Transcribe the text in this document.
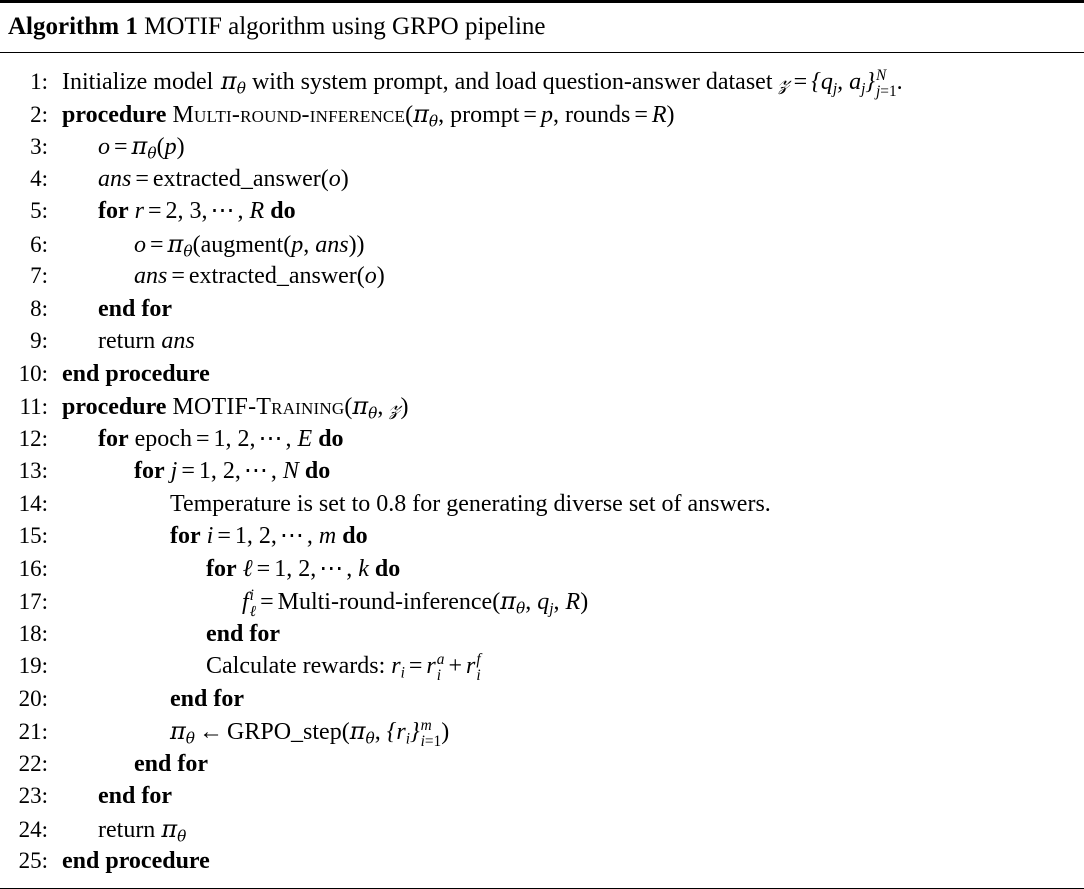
Algorithm 1 MOTIF algorithm using GRPO pipeline
1: Initialize model $\pi_\theta$ with system prompt, and load question-answer dataset 𝓏 = {$q_j$, $a_j$} N
j=1 .
2: procedure Multi-$round-inference(\pi_\theta$, prompt = p, rounds = R)
3:	$o = \pi_\theta(p)$
4:	ans = extracted_answer(o)
5:	for r = 2, 3, ⋯ , R do
6:	$o = \pi_\theta(augment(p$, ans))
7:	ans = extracted_answer(o)
8:	end for
9:	return ans
10: end procedure
11: procedure MOTIF-$Training(\pi_\theta$, 𝓏)
12:	for epoch = 1, 2, ⋯ , E do
13:	for j = 1, 2, ⋯ , N do
14:	Temperature is set to 0.8 for generating diverse set of answers.
15:	for i = 1, 2, ⋯ , m do
16:	for ℓ = 1, 2, ⋯ , k do
17:	f i
ℓ = Multi-$round-inference(\pi_\theta$, $q_j$, R)
18:	end for
19:	Calculate rewards: $r_i = r$ a
i + r f
i
20:	end for
21:	$\pi_\theta$ ← $GRPO\_step(\pi_\theta$, $\{r_i\}$ m
i=1 )
22:	end for
23:	end for
24:	return $\pi_\theta$
25: end procedure
